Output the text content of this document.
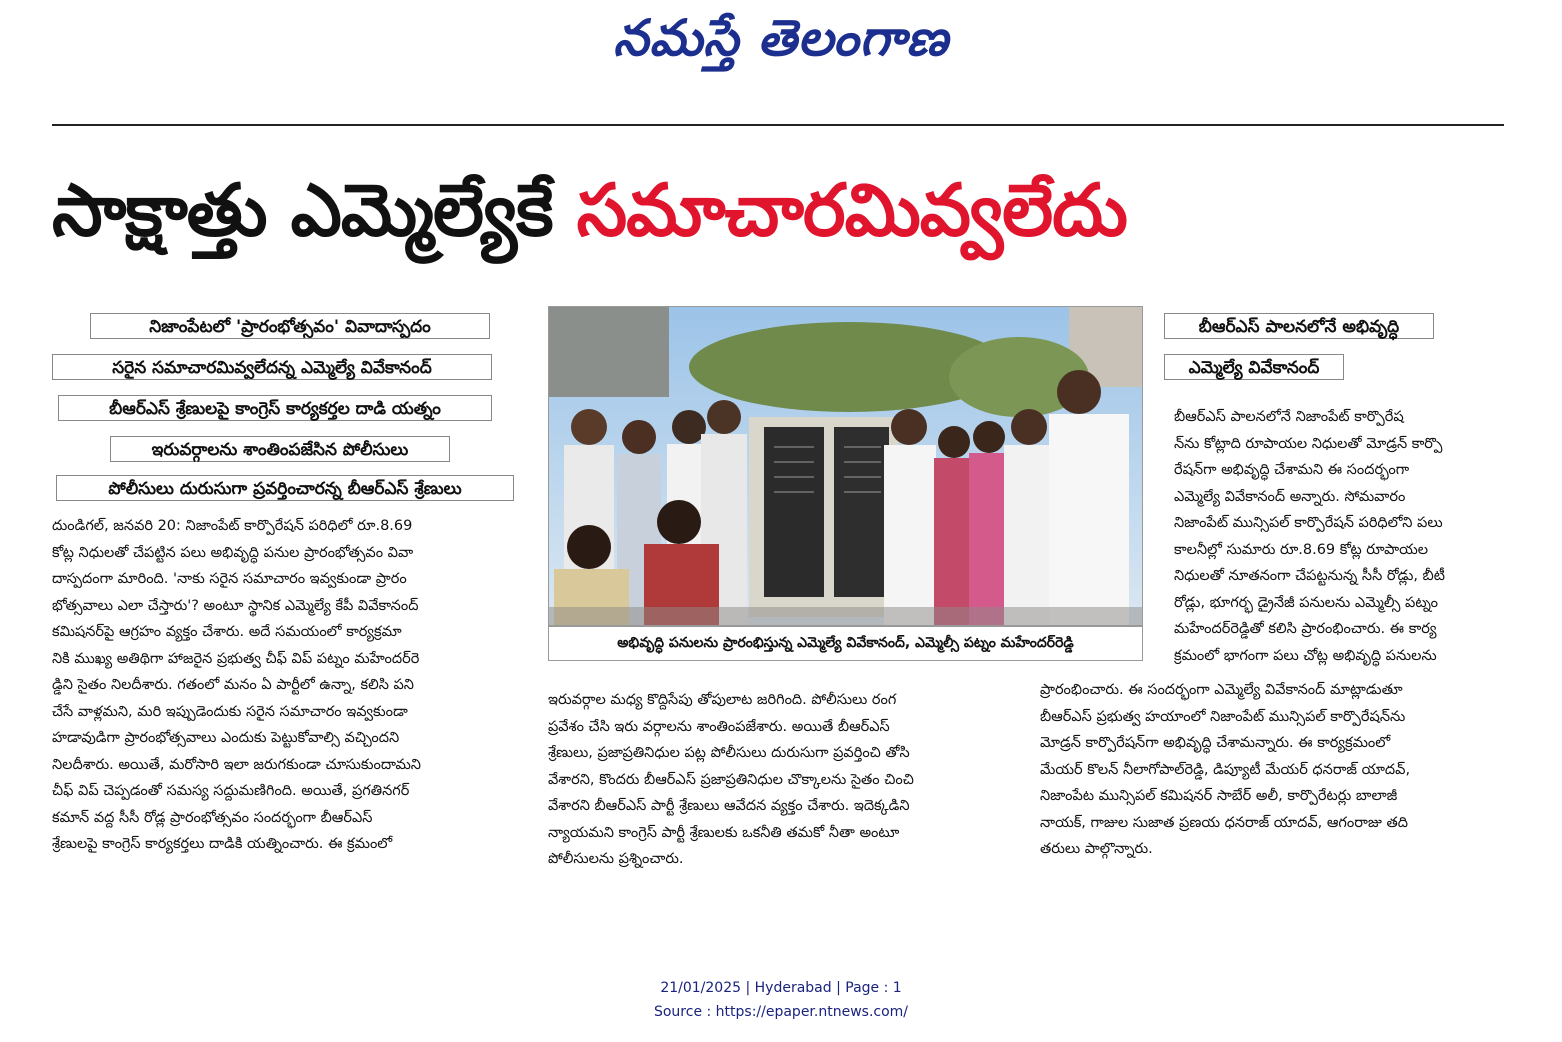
నమస్తే తెలంగాణ
సాక్షాత్తు ఎమ్మెల్యేకే సమాచారమివ్వలేదు
నిజాంపేటలో 'ప్రారంభోత్సవం' వివాదాస్పదం
సరైన సమాచారమివ్వలేదన్న ఎమ్మెల్యే వివేకానంద్
బీఆర్ఎస్ శ్రేణులపై కాంగ్రెస్ కార్యకర్తల దాడి యత్నం
ఇరువర్గాలను శాంతింపజేసిన పోలీసులు
పోలీసులు దురుసుగా ప్రవర్తించారన్న బీఆర్ఎస్ శ్రేణులు
బీఆర్ఎస్ పాలనలోనే అభివృద్ధి
ఎమ్మెల్యే వివేకానంద్

దుండిగల్, జనవరి 20: నిజాంపేట్ కార్పొరేషన్ పరిధిలో రూ.8.69

కోట్ల నిధులతో చేపట్టిన పలు అభివృద్ధి పనుల ప్రారంభోత్సవం వివా

దాస్పదంగా మారింది. 'నాకు సరైన సమాచారం ఇవ్వకుండా ప్రారం

భోత్సవాలు ఎలా చేస్తారు'? అంటూ స్థానిక ఎమ్మెల్యే కేపీ వివేకానంద్

కమిషనర్‌పై ఆగ్రహం వ్యక్తం చేశారు. అదే సమయంలో కార్యక్రమా

నికి ముఖ్య అతిథిగా హాజరైన ప్రభుత్వ చీఫ్ విప్ పట్నం మహేందర్‌రె

డ్డిని సైతం నిలదీశారు. గతంలో మనం ఏ పార్టీలో ఉన్నా, కలిసి పని

చేసే వాళ్లమని, మరి ఇప్పుడెందుకు సరైన సమాచారం ఇవ్వకుండా

హడావుడిగా ప్రారంభోత్సవాలు ఎందుకు పెట్టుకోవాల్సి వచ్చిందని

నిలదీశారు. అయితే, మరోసారి ఇలా జరుగకుండా చూసుకుందామని

చీఫ్ విప్ చెప్పడంతో సమస్య సద్దుమణిగింది. అయితే, ప్రగతినగర్

కమాన్ వద్ద సీసీ రోడ్ల ప్రారంభోత్సవం సందర్భంగా బీఆర్ఎస్

శ్రేణులపై కాంగ్రెస్ కార్యకర్తలు దాడికి యత్నించారు. ఈ క్రమంలో

అభివృద్ధి పనులను ప్రారంభిస్తున్న ఎమ్మెల్యే వివేకానంద్, ఎమ్మెల్సీ పట్నం మహేందర్‌రెడ్డి

ఇరువర్గాల మధ్య కొద్దిసేపు తోపులాట జరిగింది. పోలీసులు రంగ

ప్రవేశం చేసి ఇరు వర్గాలను శాంతింపజేశారు. అయితే బీఆర్ఎస్

శ్రేణులు, ప్రజాప్రతినిధుల పట్ల పోలీసులు దురుసుగా ప్రవర్తించి తోసి

వేశారని, కొందరు బీఆర్ఎస్ ప్రజాప్రతినిధుల చొక్కాలను సైతం చించి

వేశారని బీఆర్ఎస్ పార్టీ శ్రేణులు ఆవేదన వ్యక్తం చేశారు. ఇదెక్కడిని

న్యాయమని కాంగ్రెస్ పార్టీ శ్రేణులకు ఒకనీతి తమకో నీతా అంటూ

పోలీసులను ప్రశ్నించారు.

బీఆర్ఎస్ పాలనలోనే నిజాంపేట్ కార్పొరేష

న్‌ను కోట్లాది రూపాయల నిధులతో మోడ్రన్ కార్పొ

రేషన్‌గా అభివృద్ధి చేశామని ఈ సందర్భంగా

ఎమ్మెల్యే వివేకానంద్ అన్నారు. సోమవారం

నిజాంపేట్ మున్సిపల్ కార్పొరేషన్ పరిధిలోని పలు

కాలనీల్లో సుమారు రూ.8.69 కోట్ల రూపాయల

నిధులతో నూతనంగా చేపట్టనున్న సీసీ రోడ్లు, బీటీ

రోడ్లు, భూగర్భ డ్రైనేజీ పనులను ఎమ్మెల్సీ పట్నం

మహేందర్‌రెడ్డితో కలిసి ప్రారంభించారు. ఈ కార్య

క్రమంలో భాగంగా పలు చోట్ల అభివృద్ధి పనులను

ప్రారంభించారు. ఈ సందర్భంగా ఎమ్మెల్యే వివేకానంద్ మాట్లాడుతూ

బీఆర్ఎస్ ప్రభుత్వ హయాంలో నిజాంపేట్ మున్సిపల్ కార్పొరేషన్‌ను

మోడ్రన్ కార్పొరేషన్‌గా అభివృద్ధి చేశామన్నారు. ఈ కార్యక్రమంలో

మేయర్ కొలన్ నీలాగోపాల్‌రెడ్డి, డిప్యూటీ మేయర్ ధనరాజ్ యాదవ్,

నిజాంపేట మున్సిపల్ కమిషనర్ సాబేర్ అలీ, కార్పొరేటర్లు బాలాజీ

నాయక్, గాజుల సుజాత ప్రణయ ధనరాజ్ యాదవ్, ఆగంరాజు తది

తరులు పాల్గొన్నారు.

21/01/2025 | Hyderabad | Page : 1
Source : https://epaper.ntnews.com/
